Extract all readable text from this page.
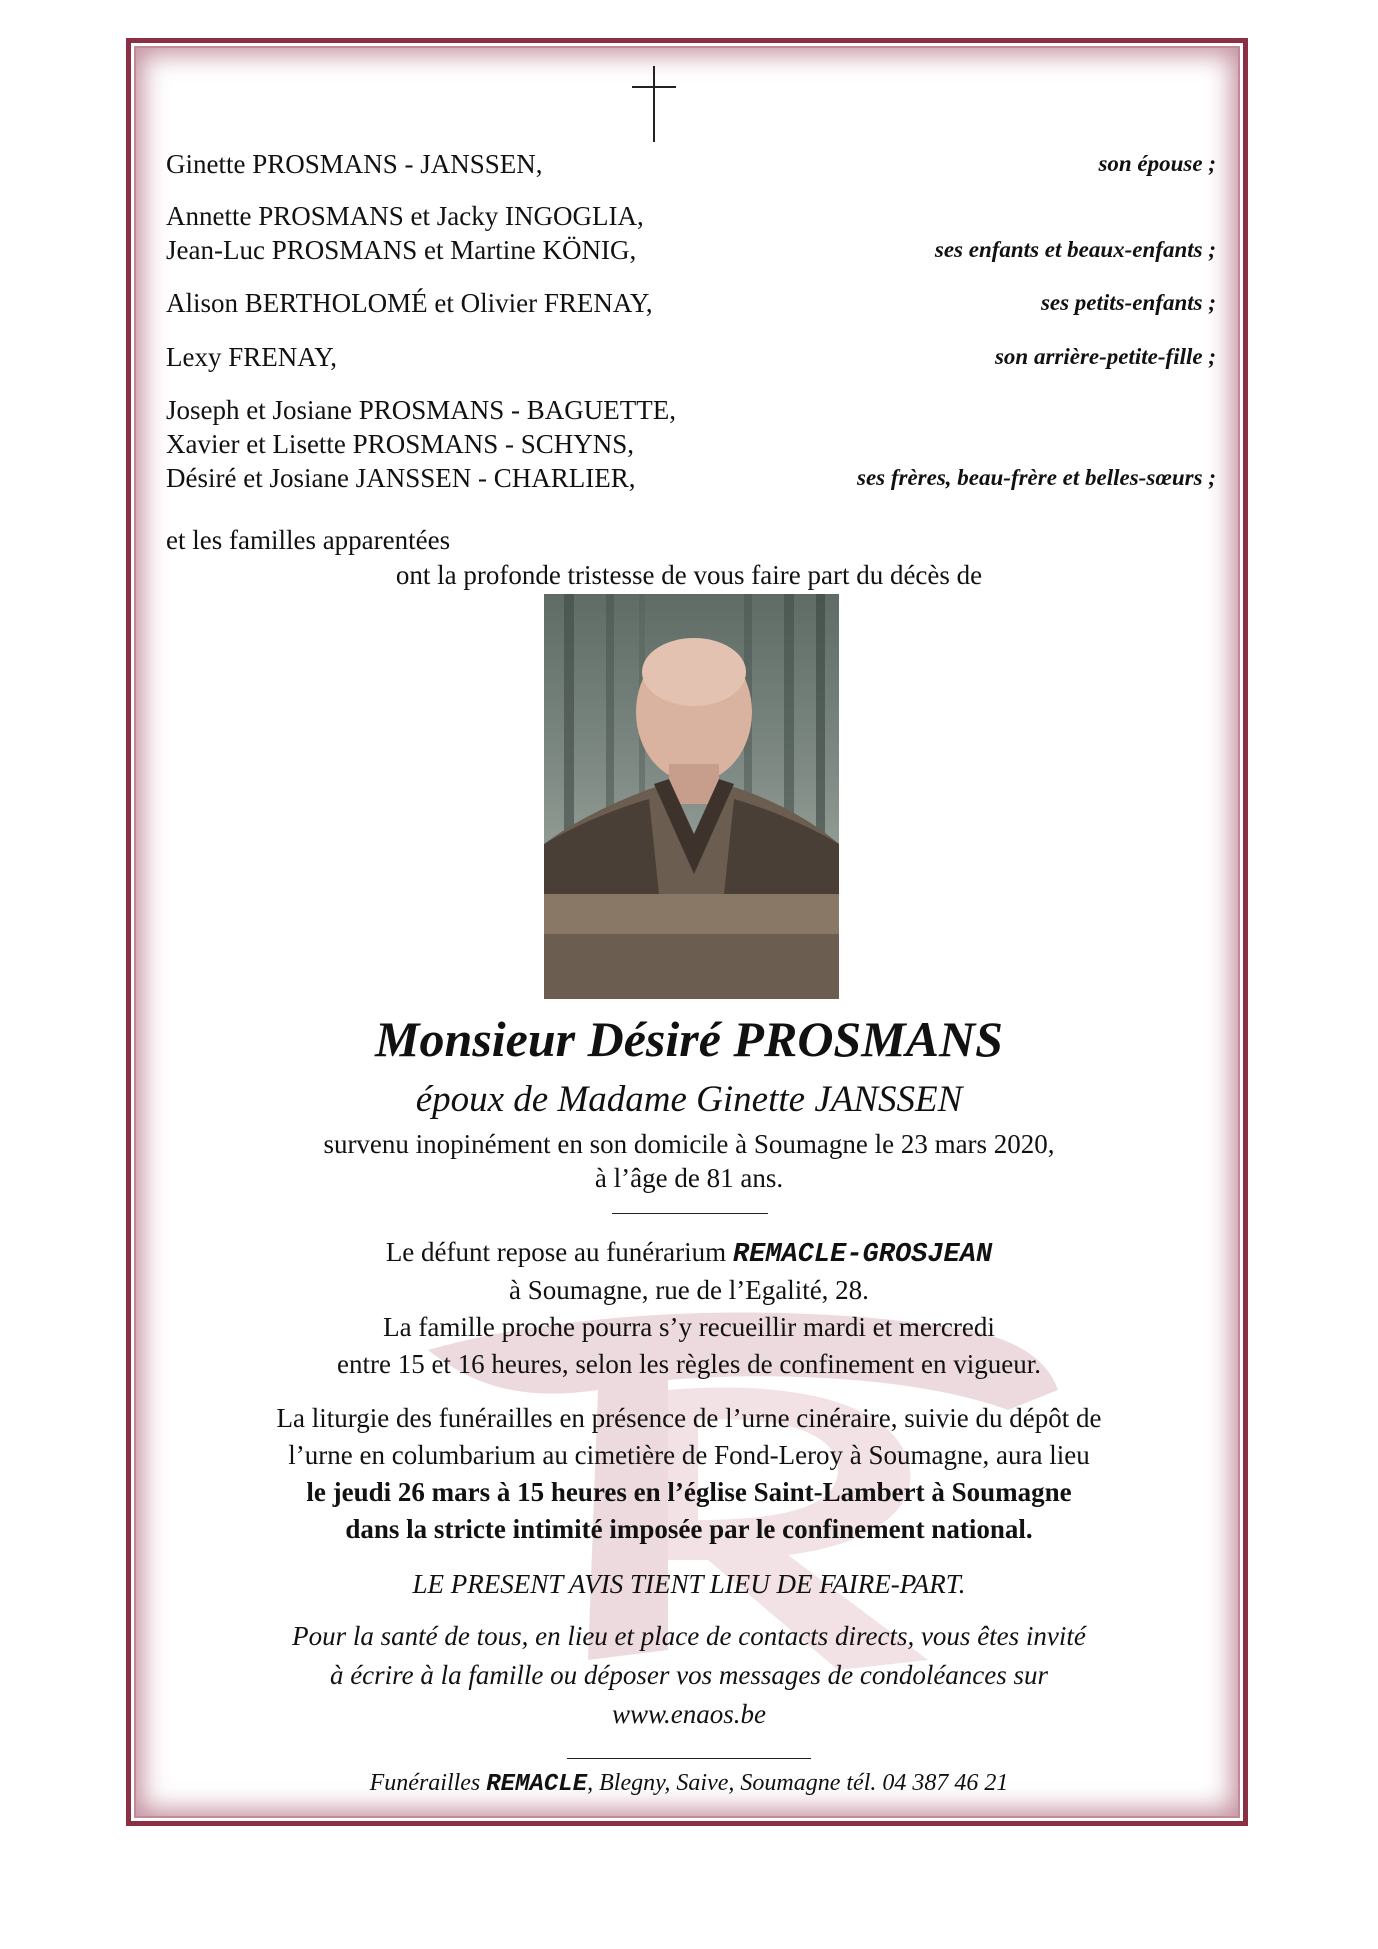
Ginette PROSMANS - JANSSEN,	son épouse ;
Annette PROSMANS et Jacky INGOGLIA,
Jean-Luc PROSMANS et Martine KÖNIG,	ses enfants et beaux-enfants ;
Alison BERTHOLOMÉ et Olivier FRENAY,	ses petits-enfants ;
Lexy FRENAY,	son arrière-petite-fille ;
Joseph et Josiane PROSMANS - BAGUETTE,
Xavier et Lisette PROSMANS - SCHYNS,
Désiré et Josiane JANSSEN - CHARLIER,	ses frères, beau-frère et belles-sœurs ;
et les familles apparentées
ont la profonde tristesse de vous faire part du décès de
Monsieur Désiré PROSMANS
époux de Madame Ginette JANSSEN
survenu inopinément en son domicile à Soumagne le 23 mars 2020,
à l’âge de 81 ans.
Le défunt repose au funérarium REMACLE-GROSJEAN
à Soumagne, rue de l’Egalité, 28.
La famille proche pourra s’y recueillir mardi et mercredi
entre 15 et 16 heures, selon les règles de confinement en vigueur.
La liturgie des funérailles en présence de l’urne cinéraire, suivie du dépôt de
l’urne en columbarium au cimetière de Fond-Leroy à Soumagne, aura lieu
le jeudi 26 mars à 15 heures en l’église Saint-Lambert à Soumagne
dans la stricte intimité imposée par le confinement national.
LE PRESENT AVIS TIENT LIEU DE FAIRE-PART.
Pour la santé de tous, en lieu et place de contacts directs, vous êtes invité
à écrire à la famille ou déposer vos messages de condoléances sur
www.enaos.be
Funérailles REMACLE, Blegny, Saive, Soumagne tél. 04 387 46 21
